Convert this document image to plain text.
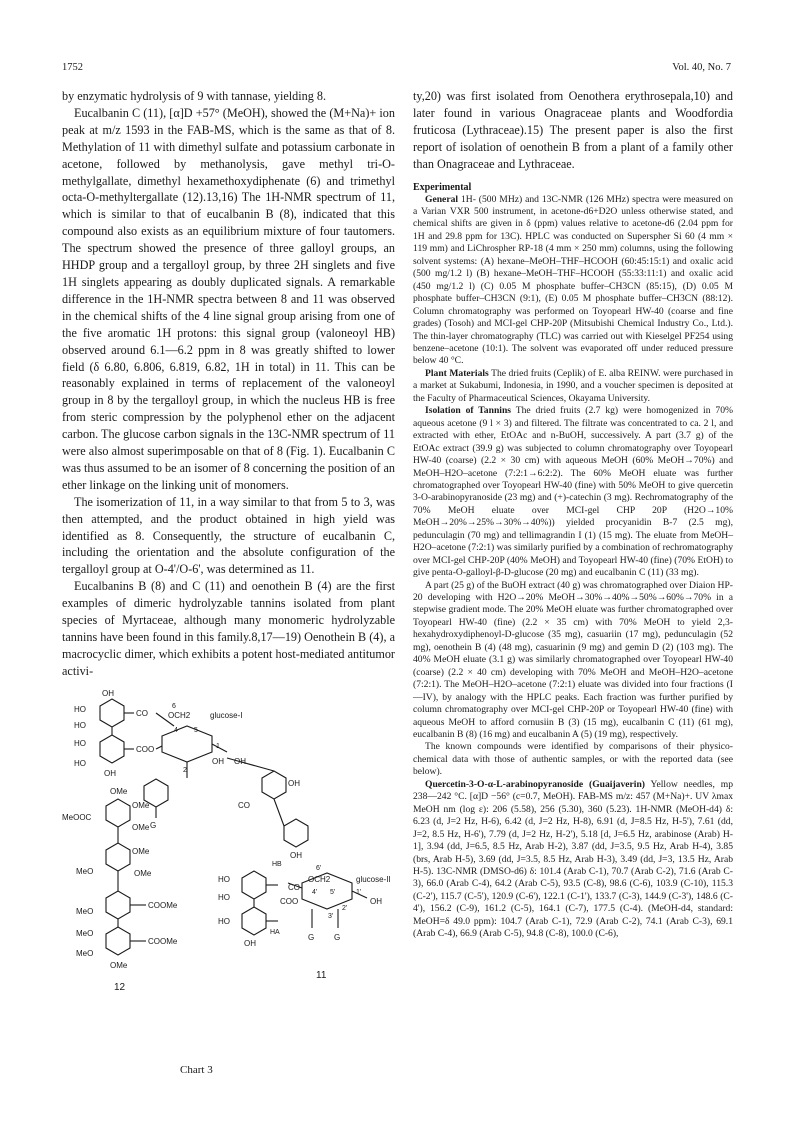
1752	Vol. 40, No. 7

by enzymatic hydrolysis of 9 with tannase, yielding 8.

Eucalbanin C (11), [α]D +57° (MeOH), showed the (M+Na)+ ion peak at m/z 1593 in the FAB-MS, which is the same as that of 8. Methylation of 11 with dimethyl sulfate and potassium carbonate in acetone, followed by methanolysis, gave methyl tri-O-methylgallate, dimethyl hexamethoxydiphenate (6) and trimethyl octa-O-methyltergallate (12).13,16) The 1H-NMR spectrum of 11, which is similar to that of eucalbanin B (8), indicated that this compound also exists as an equilibrium mixture of four tautomers. The spectrum showed the presence of three galloyl groups, an HHDP group and a tergalloyl group, by three 2H singlets and five 1H singlets appearing as doubly duplicated signals. A remarkable difference in the 1H-NMR spectra between 8 and 11 was observed in the chemical shifts of the 4 line signal group arising from one of the five aromatic 1H protons: this signal group (valoneoyl HB) observed around 6.1—6.2 ppm in 8 was greatly shifted to lower field (δ 6.80, 6.806, 6.819, 6.82, 1H in total) in 11. This can be reasonably explained in terms of replacement of the valoneoyl group in 8 by the tergalloyl group, in which the nucleus HB is free from steric compression by the polyphenol ether on the adjacent carbon. The glucose carbon signals in the 13C-NMR spectrum of 11 were also almost superimposable on that of 8 (Fig. 1). Eucalbanin C was thus assumed to be an isomer of 8 concerning the position of an ether linkage on the linking unit of monomers.

The isomerization of 11, in a way similar to that from 5 to 3, was then attempted, and the product obtained in high yield was identified as 8. Consequently, the structure of eucalbanin C, including the orientation and the absolute configuration of the tergalloyl group at O-4'/O-6', was determined as 11.

Eucalbanins B (8) and C (11) and oenothein B (4) are the first examples of dimeric hydrolyzable tannins isolated from plant species of Myrtaceae, although many monomeric hydrolyzable tannins have been found in this family.8,17—19) Oenothein B (4), a macrocyclic dimer, which exhibits a potent host-mediated antitumor activi-

OH
HO
HO
HO
HO
OH
CO
COO
OCH2
6
4 5
2
1
glucose-I
OH OH
G
OH
CO
OH
HB
HA
CO
6'
OCH2
4' 5'
3'
2'
1'
glucose-II
OH
HO
HO
HO
COO
OH
G G
11
OMe
OMe
MeOOC
OMe
OMe
MeO	OMe
COOMe
MeO
COOMe
MeO
MeO
OMe
12
Chart 3

ty,20) was first isolated from Oenothera erythrosepala,10) and later found in various Onagraceae plants and Woodfordia fruticosa (Lythraceae).15) The present paper is also the first report of isolation of oenothein B from a plant of a family other than Onagraceae and Lythraceae.

Experimental

General 1H- (500 MHz) and 13C-NMR (126 MHz) spectra were measured on a Varian VXR 500 instrument, in acetone-d6+D2O unless otherwise stated, and chemical shifts are given in δ (ppm) values relative to acetone-d6 (2.04 ppm for 1H and 29.8 ppm for 13C). HPLC was conducted on Superspher Si 60 (4 mm × 119 mm) and LiChrospher RP-18 (4 mm × 250 mm) columns, using the following solvent systems: (A) hexane–MeOH–THF–HCOOH (60:45:15:1) and oxalic acid (500 mg/1.2 l) (B) hexane–MeOH–THF–HCOOH (55:33:11:1) and oxalic acid (450 mg/1.2 l) (C) 0.05 M phosphate buffer–CH3CN (85:15), (D) 0.05 M phosphate buffer–CH3CN (9:1), (E) 0.05 M phosphate buffer–CH3CN (88:12). Column chromatography was performed on Toyopearl HW-40 (coarse and fine grades) (Tosoh) and MCI-gel CHP-20P (Mitsubishi Chemical Industry Co., Ltd.). The thin-layer chromatography (TLC) was carried out with Kieselgel PF254 using benzene–acetone (10:1). The solvent was evaporated off under reduced pressure below 40 °C.

Plant Materials The dried fruits (Ceplik) of E. alba REINW. were purchased in a market at Sukabumi, Indonesia, in 1990, and a voucher specimen is deposited at the Faculty of Pharmaceutical Sciences, Okayama University.

Isolation of Tannins The dried fruits (2.7 kg) were homogenized in 70% aqueous acetone (9 l × 3) and filtered. The filtrate was concentrated to ca. 2 l, and extracted with ether, EtOAc and n-BuOH, successively. A part (3.7 g) of the EtOAc extract (39.9 g) was subjected to column chromatography over Toyopearl HW-40 (coarse) (2.2 × 30 cm) with aqueous MeOH (60% MeOH→70%) and MeOH–H2O–acetone (7:2:1→6:2:2). The 60% MeOH eluate was further chromatographed over Toyopearl HW-40 (fine) with 50% MeOH to give quercetin 3-O-arabinopyranoside (23 mg) and (+)-catechin (3 mg). Rechromatography of the 70% MeOH eluate over MCI-gel CHP 20P (H2O→10% MeOH→20%→25%→30%→40%)) yielded procyanidin B-7 (2.5 mg), pedunculagin (70 mg) and tellimagrandin I (1) (15 mg). The eluate from MeOH–H2O–acetone (7:2:1) was similarly purified by a combination of rechromatography over MCI-gel CHP-20P (40% MeOH) and Toyopearl HW-40 (fine) (70% EtOH) to give penta-O-galloyl-β-D-glucose (20 mg) and eucalbanin C (11) (33 mg).

A part (25 g) of the BuOH extract (40 g) was chromatographed over Diaion HP-20 developing with H2O→20% MeOH→30%→40%→50%→60%→70% in a stepwise gradient mode. The 20% MeOH eluate was further chromatographed over Toyopearl HW-40 (fine) (2.2 × 35 cm) with 70% MeOH to yield 2,3-hexahydroxydiphenoyl-D-glucose (35 mg), casuariin (17 mg), pedunculagin (52 mg), oenothein B (4) (48 mg), casuarinin (9 mg) and gemin D (2) (103 mg). The 40% MeOH eluate (3.1 g) was similarly chromatographed over Toyopearl HW-40 (coarse) (2.2 × 40 cm) developing with 70% MeOH and MeOH–H2O–acetone (7:2:1). The MeOH–H2O–acetone (7:2:1) eluate was divided into four fractions (I—IV), by analogy with the HPLC peaks. Each fraction was further purified by column chromatography over MCI-gel CHP-20P or Toyopearl HW-40 (fine) with aqueous MeOH to afford cornusiin B (3) (15 mg), eucalbanin C (11) (61 mg), eucalbanin B (8) (16 mg) and eucalbanin A (5) (19 mg), respectively.

The known compounds were identified by comparisons of their physico-chemical data with those of authentic samples, or with the reported data (see below).

Quercetin-3-O-α-L-arabinopyranoside (Guaijaverin) Yellow needles, mp 238—242 °C. [α]D −56° (c=0.7, MeOH). FAB-MS m/z: 457 (M+Na)+. UV λmax MeOH nm (log ε): 206 (5.58), 256 (5.30), 360 (5.23). 1H-NMR (MeOH-d4) δ: 6.23 (d, J=2 Hz, H-6), 6.42 (d, J=2 Hz, H-8), 6.91 (d, J=8.5 Hz, H-5'), 7.61 (dd, J=2, 8.5 Hz, H-6'), 7.79 (d, J=2 Hz, H-2'), 5.18 [d, J=6.5 Hz, arabinose (Arab) H-1], 3.94 (dd, J=6.5, 8.5 Hz, Arab H-2), 3.87 (dd, J=3.5, 9.5 Hz, Arab H-4), 3.85 (brs, Arab H-5), 3.69 (dd, J=3.5, 8.5 Hz, Arab H-3), 3.49 (dd, J=3, 13.5 Hz, Arab H-5). 13C-NMR (DMSO-d6) δ: 101.4 (Arab C-1), 70.7 (Arab C-2), 71.6 (Arab C-3), 66.0 (Arab C-4), 64.2 (Arab C-5), 93.5 (C-8), 98.6 (C-6), 103.9 (C-10), 115.3 (C-2'), 115.7 (C-5'), 120.9 (C-6'), 122.1 (C-1'), 133.7 (C-3), 144.9 (C-3'), 148.6 (C-4'), 156.2 (C-9), 161.2 (C-5), 164.1 (C-7), 177.5 (C-4). (MeOH-d4, standard: MeOH=δ 49.0 ppm): 104.7 (Arab C-1), 72.9 (Arab C-2), 74.1 (Arab C-3), 69.1 (Arab C-4), 66.9 (Arab C-5), 94.8 (C-8), 100.0 (C-6),
